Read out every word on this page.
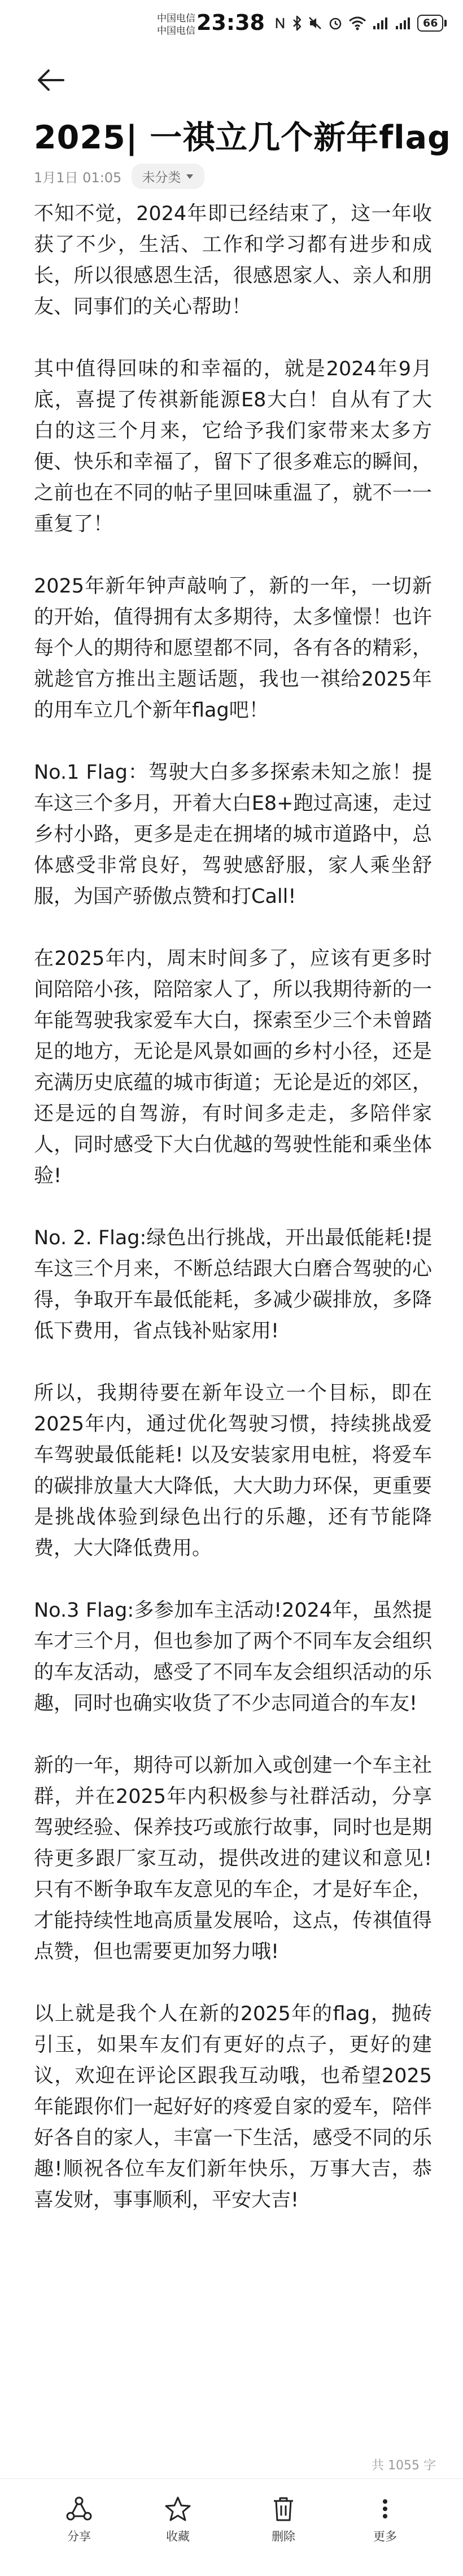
中国电信
中国电信 23:38	66
2025| 一祺立几个新年flag
1月1日 01:05 未分类

不知不觉，2024年即已经结束了，这一年收获了不少，生活、工作和学习都有进步和成长，所以很感恩生活，很感恩家人、亲人和朋友、同事们的关心帮助！

其中值得回味的和幸福的，就是2024年9月底，喜提了传祺新能源E8大白！自从有了大白的这三个月来，它给予我们家带来太多方便、快乐和幸福了，留下了很多难忘的瞬间，之前也在不同的帖子里回味重温了，就不一一重复了！

2025年新年钟声敲响了，新的一年，一切新的开始，值得拥有太多期待，太多憧憬！也许每个人的期待和愿望都不同，各有各的精彩，就趁官方推出主题话题，我也一祺给2025年的用车立几个新年flag吧！

No.1 Flag：驾驶大白多多探索未知之旅！提车这三个多月，开着大白E8+跑过高速，走过乡村小路，更多是走在拥堵的城市道路中，总体感受非常良好，驾驶感舒服，家人乘坐舒服，为国产骄傲点赞和打Call!

在2025年内，周末时间多了，应该有更多时间陪陪小孩，陪陪家人了，所以我期待新的一年能驾驶我家爱车大白，探索至少三个未曾踏足的地方，无论是风景如画的乡村小径，还是充满历史底蕴的城市街道；无论是近的郊区，还是远的自驾游，有时间多走走，多陪伴家人，同时感受下大白优越的驾驶性能和乘坐体验!

No. 2. Flag:绿色出行挑战，开出最低能耗!提车这三个月来，不断总结跟大白磨合驾驶的心得，争取开车最低能耗，多减少碳排放，多降低下费用，省点钱补贴家用!

所以，我期待要在新年设立一个目标，即在2025年内，通过优化驾驶习惯，持续挑战爱车驾驶最低能耗! 以及安装家用电桩，将爱车的碳排放量大大降低，大大助力环保，更重要是挑战体验到绿色出行的乐趣，还有节能降费，大大降低费用。

No.3 Flag:多参加车主活动!2024年，虽然提车才三个月，但也参加了两个不同车友会组织的车友活动，感受了不同车友会组织活动的乐趣，同时也确实收货了不少志同道合的车友!

新的一年，期待可以新加入或创建一个车主社群，并在2025年内积极参与社群活动，分享驾驶经验、保养技巧或旅行故事，同时也是期待更多跟厂家互动，提供改进的建议和意见!只有不断争取车友意见的车企，才是好车企，才能持续性地高质量发展哈，这点，传祺值得点赞，但也需要更加努力哦!

以上就是我个人在新的2025年的flag，抛砖引玉，如果车友们有更好的点子，更好的建议，欢迎在评论区跟我互动哦，也希望2025年能跟你们一起好好的疼爱自家的爱车，陪伴好各自的家人，丰富一下生活，感受不同的乐趣!顺祝各位车友们新年快乐，万事大吉，恭喜发财，事事顺利，平安大吉!

共 1055 字
分享	收藏	删除	更多
